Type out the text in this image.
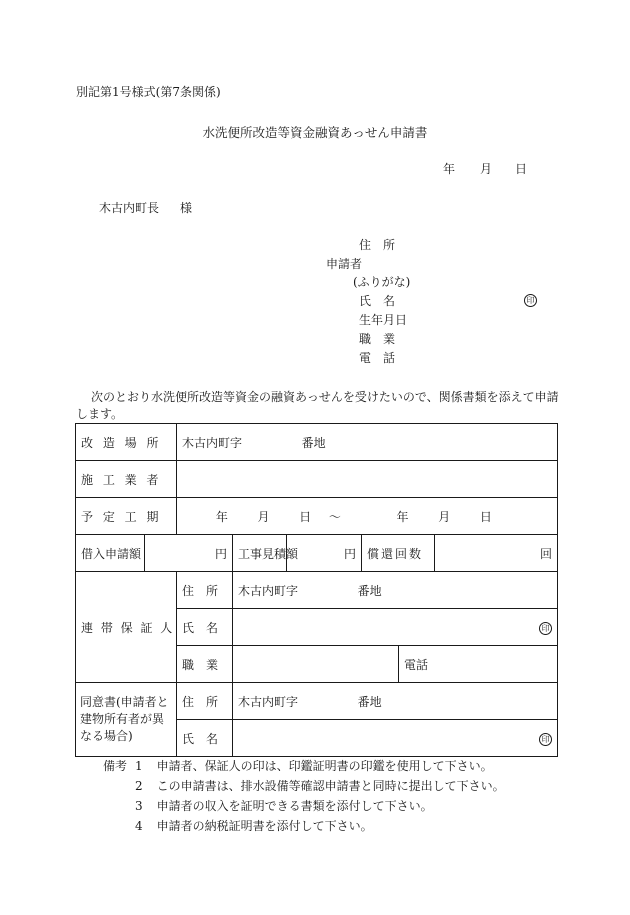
別記第1号様式(第7条関係)
水洗便所改造等資金融資あっせん申請書
年 月 日
木古内町長 様
住　所
申請者
(ふりがな)
氏　名	印
生年月日
職　業
電　話
次のとおり水洗便所改造等資金の融資あっせんを受けたいので、関係書類を添えて申請
します。
改 造 場 所		木古内町字 番地					
施 工 業 者							
予 定 工 期		年 月 日 ～ 年 月 日					
借入申請額	円		工事見積額	円	償還回数		回
連 帯 保 証 人		住　所	木古内町字 番地				
		氏　名	印				
		職　業				電話	
同意書(申請者と
建物所有者が異
なる場合)		住　所	木古内町字 番地				
		氏　名	印				
備考 1 申請者、保証人の印は、印鑑証明書の印鑑を使用して下さい。
2 この申請書は、排水設備等確認申請書と同時に提出して下さい。
3 申請者の収入を証明できる書類を添付して下さい。
4 申請者の納税証明書を添付して下さい。
